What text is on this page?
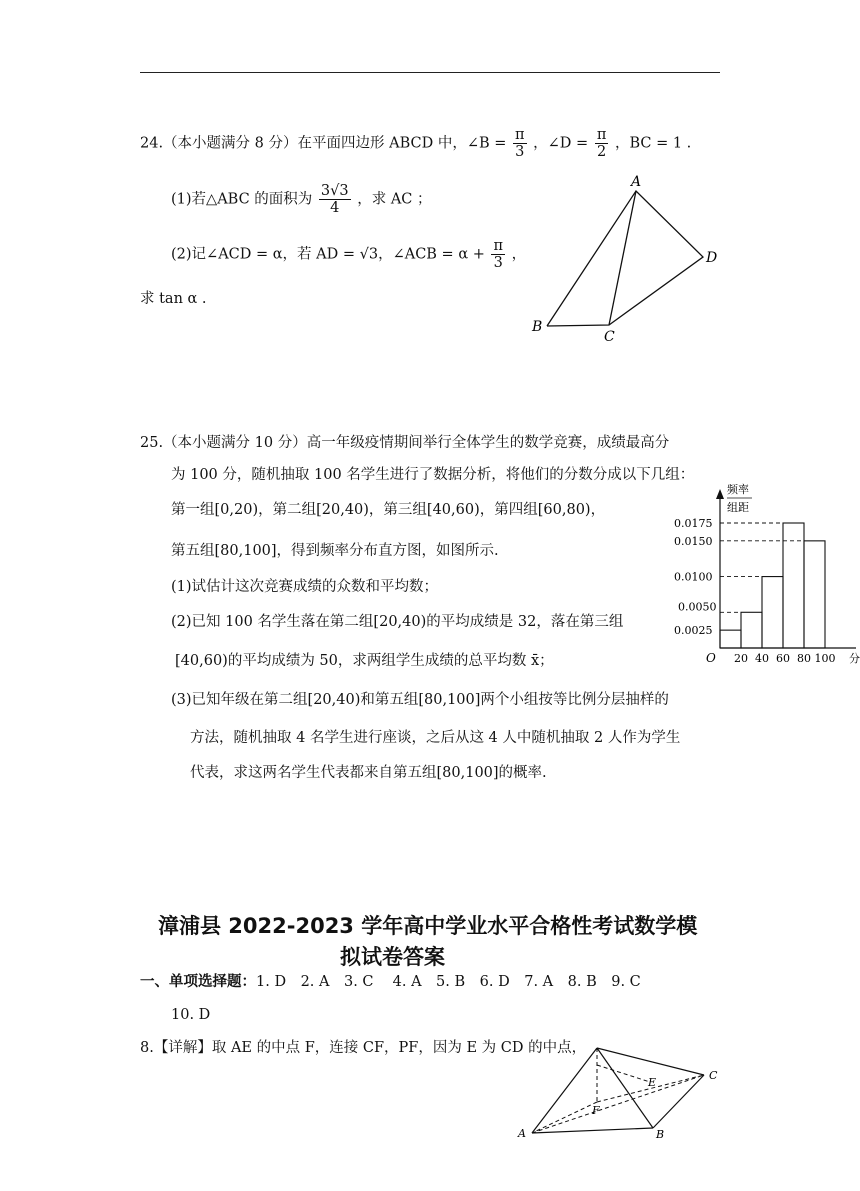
24.（本小题满分 8 分）在平面四边形 ABCD 中，∠B = $\frac{\pi}{3}$ ，∠D = $\frac{\pi}{2}$ ，BC = 1 .
(1)若△ABC 的面积为 $\frac{3√3}{4}$ ，求 AC ；
(2)记∠ACD = α，若 AD = √3，∠ACB = $\alpha + \frac{\pi}{3}$ ，
求 tan α .
A
B
C
D
25.（本小题满分 10 分）高一年级疫情期间举行全体学生的数学竞赛，成绩最高分
为 100 分，随机抽取 100 名学生进行了数据分析，将他们的分数分成以下几组：
第一组[0,20)，第二组[20,40)，第三组[40,60)，第四组[60,80)，
第五组[80,100]，得到频率分布直方图，如图所示.
(1)试估计这次竞赛成绩的众数和平均数；
(2)已知 100 名学生落在第二组[20,40)的平均成绩是 32，落在第三组
[40,60)的平均成绩为 50，求两组学生成绩的总平均数 x̄；
(3)已知年级在第二组[20,40)和第五组[80,100]两个小组按等比例分层抽样的
方法，随机抽取 4 名学生进行座谈，之后从这 4 人中随机抽取 2 人作为学生
代表，求这两名学生代表都来自第五组[80,100]的概率.
频率
组距
O	分
20 40 60 80 100
0.0025
0.0050
0.0100
0.0150
0.0175
漳浦县 2022-2023 学年高中学业水平合格性考试数学模
拟试卷答案
一、单项选择题：1. D　2. A　3. C　 4. A　5. B　6. D　7. A　8. B　9. C
10. D
8.【详解】取 AE 的中点 F，连接 CF，PF，因为 E 为 CD 的中点，
A	B
C
E
F
